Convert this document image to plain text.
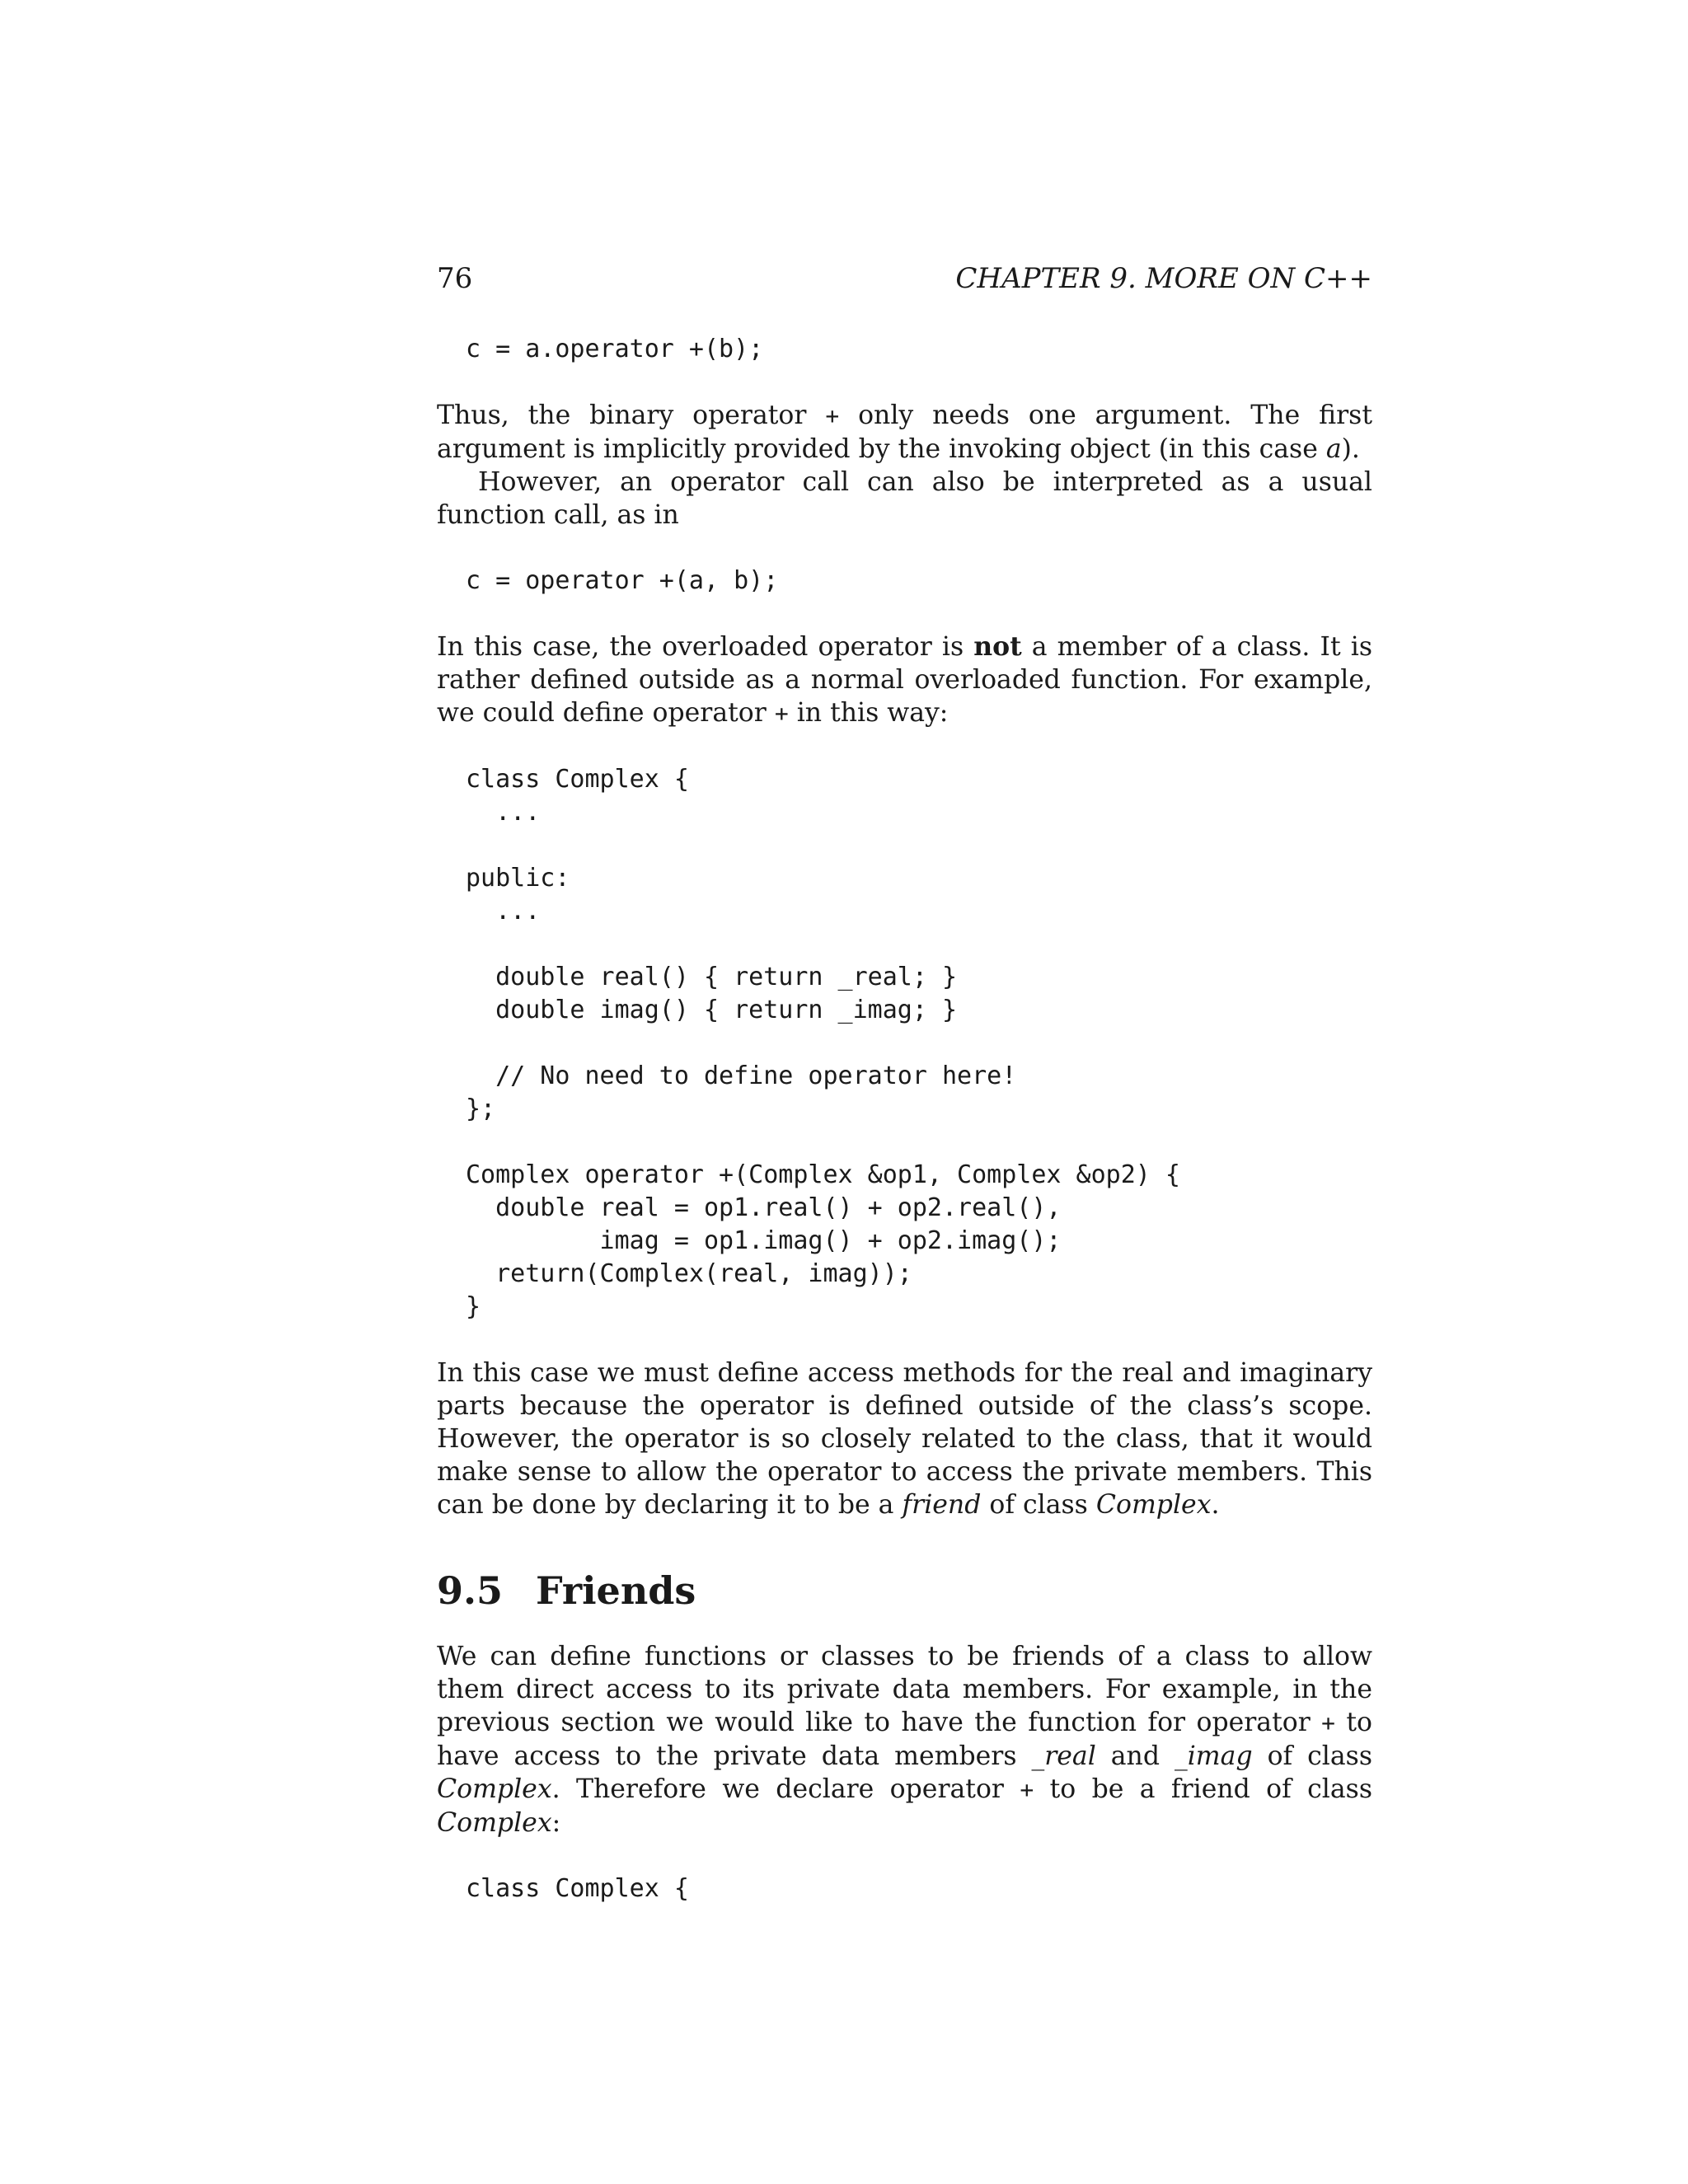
76	CHAPTER 9. MORE ON C++
c = a.operator +(b);

Thus, the binary operator + only needs one argument. The first argument is implicitly provided by the invoking object (in this case a).

However, an operator call can also be interpreted as a usual function call, as in

c = operator +(a, b);

In this case, the overloaded operator is not a member of a class. It is rather defined outside as a normal overloaded function. For example, we could define operator + in this way:

class Complex {
...
public:
...
double real() { return _real; }
double imag() { return _imag; }
// No need to define operator here!
};
Complex operator +(Complex &op1, Complex &op2) {
double real = op1.real() + op2.real(),
imag = op1.imag() + op2.imag();
return(Complex(real, imag));
}

In this case we must define access methods for the real and imaginary parts because the operator is defined outside of the class’s scope. However, the operator is so closely related to the class, that it would make sense to allow the operator to access the private members. This can be done by declaring it to be a friend of class Complex.

9.5 Friends

We can define functions or classes to be friends of a class to allow them direct access to its private data members. For example, in the previous section we would like to have the function for operator + to have access to the private data members _real and _imag of class Complex. Therefore we declare operator + to be a friend of class Complex:

class Complex {
